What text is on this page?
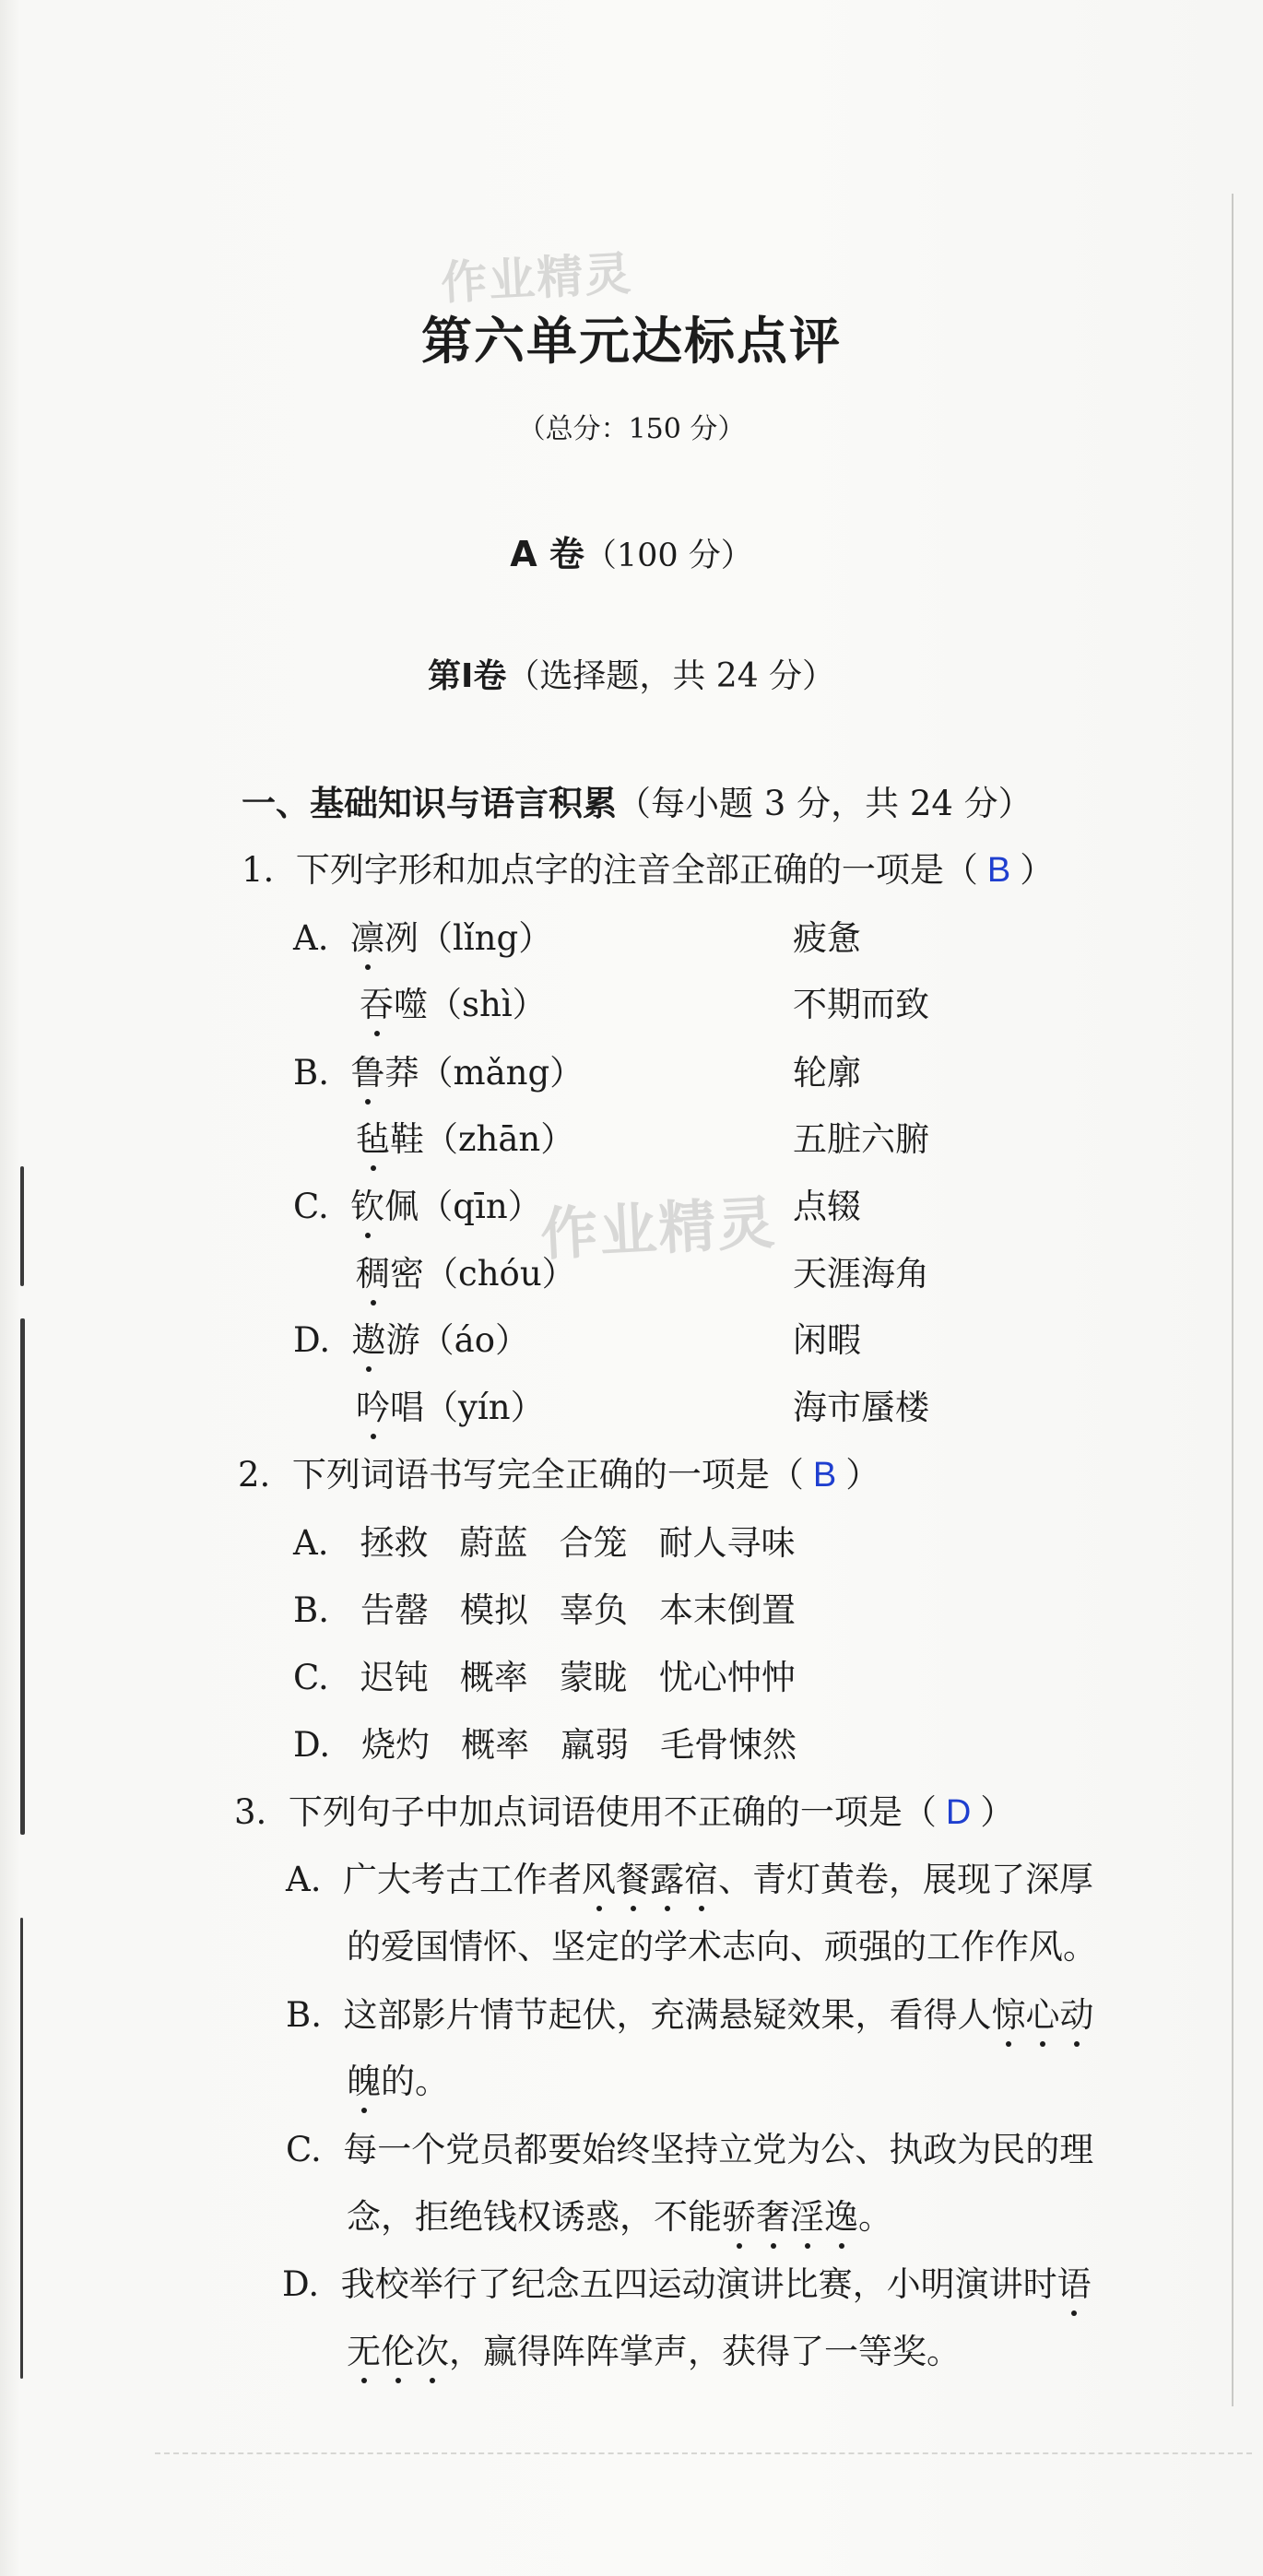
作业精灵
作业精灵
第六单元达标点评
（总分：150 分）
A 卷（100 分）
第Ⅰ卷（选择题，共 24 分）
一、基础知识与语言积累（每小题 3 分，共 24 分）
1. 下列字形和加点字的注音全部正确的一项是（ B ）
A. 凛冽（lǐng）	疲惫
吞噬（shì）	不期而致
B. 鲁莽（mǎng）	轮廓
毡鞋（zhān）	五脏六腑
C. 钦佩（qīn）	点辍
稠密（chóu）	天涯海角
D. 遨游（áo）	闲暇
吟唱（yín）	海市蜃楼
2. 下列词语书写完全正确的一项是（ B ）
A. 拯救 蔚蓝 合笼 耐人寻味
B. 告罄 模拟 辜负 本末倒置
C. 迟钝 概率 蒙眬 忧心忡忡
D. 烧灼 概率 羸弱 毛骨悚然
3. 下列句子中加点词语使用不正确的一项是（ D ）
A. 广大考古工作者风餐露宿、青灯黄卷，展现了深厚
的爱国情怀、坚定的学术志向、顽强的工作作风。
B. 这部影片情节起伏，充满悬疑效果，看得人惊心动
魄的。
C. 每一个党员都要始终坚持立党为公、执政为民的理
念，拒绝钱权诱惑，不能骄奢淫逸。
D. 我校举行了纪念五四运动演讲比赛，小明演讲时语
无伦次，赢得阵阵掌声，获得了一等奖。
